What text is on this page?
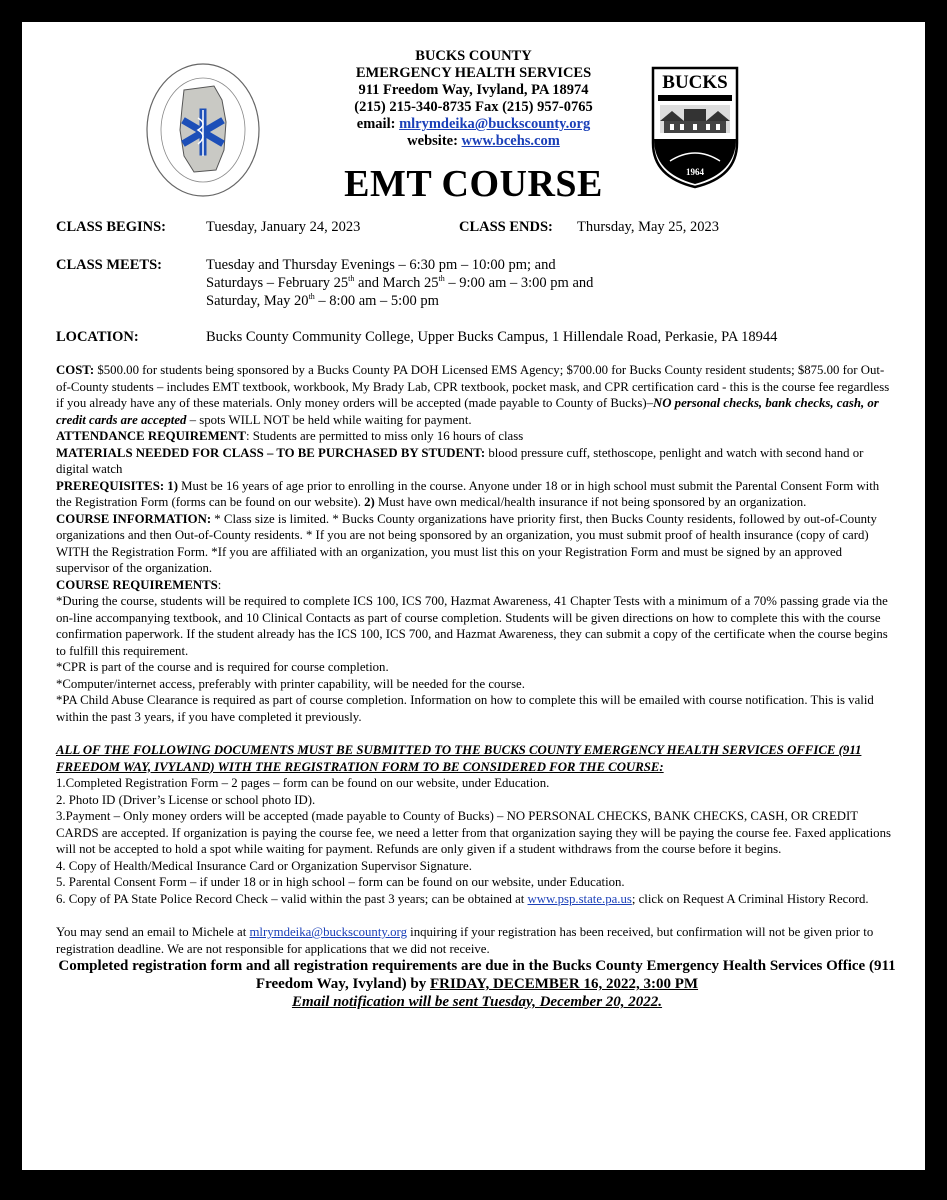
BUCKS
1964
BUCKS COUNTY
EMERGENCY HEALTH SERVICES
911 Freedom Way, Ivyland, PA 18974
(215) 215-340-8735 Fax (215) 957-0765
email: mlrymdeika@buckscounty.org
website: www.bcehs.com
EMT COURSE
CLASS BEGINS:	Tuesday, January 24, 2023	CLASS ENDS: Thursday, May 25, 2023
CLASS MEETS:	Tuesday and Thursday Evenings – 6:30 pm – 10:00 pm; and
Saturdays – February 25th and March 25th – 9:00 am – 3:00 pm and
Saturday, May 20th – 8:00 am – 5:00 pm
LOCATION:	Bucks County Community College, Upper Bucks Campus, 1 Hillendale Road, Perkasie, PA 18944

COST: $500.00 for students being sponsored by a Bucks County PA DOH Licensed EMS Agency; $700.00 for Bucks County resident students; $875.00 for Out-of-County students – includes EMT textbook, workbook, My Brady Lab, CPR textbook, pocket mask, and CPR certification card - this is the course fee regardless if you already have any of these materials. Only money orders will be accepted (made payable to County of Bucks)–NO personal checks, bank checks, cash, or credit cards are accepted – spots WILL NOT be held while waiting for payment.

ATTENDANCE REQUIREMENT: Students are permitted to miss only 16 hours of class

MATERIALS NEEDED FOR CLASS – TO BE PURCHASED BY STUDENT: blood pressure cuff, stethoscope, penlight and watch with second hand or digital watch

PREREQUISITES: 1) Must be 16 years of age prior to enrolling in the course. Anyone under 18 or in high school must submit the Parental Consent Form with the Registration Form (forms can be found on our website). 2) Must have own medical/health insurance if not being sponsored by an organization.

COURSE INFORMATION: * Class size is limited. * Bucks County organizations have priority first, then Bucks County residents, followed by out-of-County organizations and then Out-of-County residents. * If you are not being sponsored by an organization, you must submit proof of health insurance (copy of card) WITH the Registration Form. *If you are affiliated with an organization, you must list this on your Registration Form and must be signed by an approved supervisor of the organization.

COURSE REQUIREMENTS:

*During the course, students will be required to complete ICS 100, ICS 700, Hazmat Awareness, 41 Chapter Tests with a minimum of a 70% passing grade via the on-line accompanying textbook, and 10 Clinical Contacts as part of course completion. Students will be given directions on how to complete this with the course confirmation paperwork. If the student already has the ICS 100, ICS 700, and Hazmat Awareness, they can submit a copy of the certificate when the course begins to fulfill this requirement.

*CPR is part of the course and is required for course completion.

*Computer/internet access, preferably with printer capability, will be needed for the course.

*PA Child Abuse Clearance is required as part of course completion. Information on how to complete this will be emailed with course notification. This is valid within the past 3 years, if you have completed it previously.

ALL OF THE FOLLOWING DOCUMENTS MUST BE SUBMITTED TO THE BUCKS COUNTY EMERGENCY HEALTH SERVICES OFFICE (911 FREEDOM WAY, IVYLAND) WITH THE REGISTRATION FORM TO BE CONSIDERED FOR THE COURSE:

1.Completed Registration Form – 2 pages – form can be found on our website, under Education.

2. Photo ID (Driver’s License or school photo ID).

3.Payment – Only money orders will be accepted (made payable to County of Bucks) – NO PERSONAL CHECKS, BANK CHECKS, CASH, OR CREDIT CARDS are accepted. If organization is paying the course fee, we need a letter from that organization saying they will be paying the course fee. Faxed applications will not be accepted to hold a spot while waiting for payment. Refunds are only given if a student withdraws from the course before it begins.

4. Copy of Health/Medical Insurance Card or Organization Supervisor Signature.

5. Parental Consent Form – if under 18 or in high school – form can be found on our website, under Education.

6. Copy of PA State Police Record Check – valid within the past 3 years; can be obtained at www.psp.state.pa.us; click on Request A Criminal History Record.

You may send an email to Michele at mlrymdeika@buckscounty.org inquiring if your registration has been received, but confirmation will not be given prior to registration deadline. We are not responsible for applications that we did not receive.

Completed registration form and all registration requirements are due in the Bucks County Emergency Health Services Office (911 Freedom Way, Ivyland) by FRIDAY, DECEMBER 16, 2022, 3:00 PM

Email notification will be sent Tuesday, December 20, 2022.
